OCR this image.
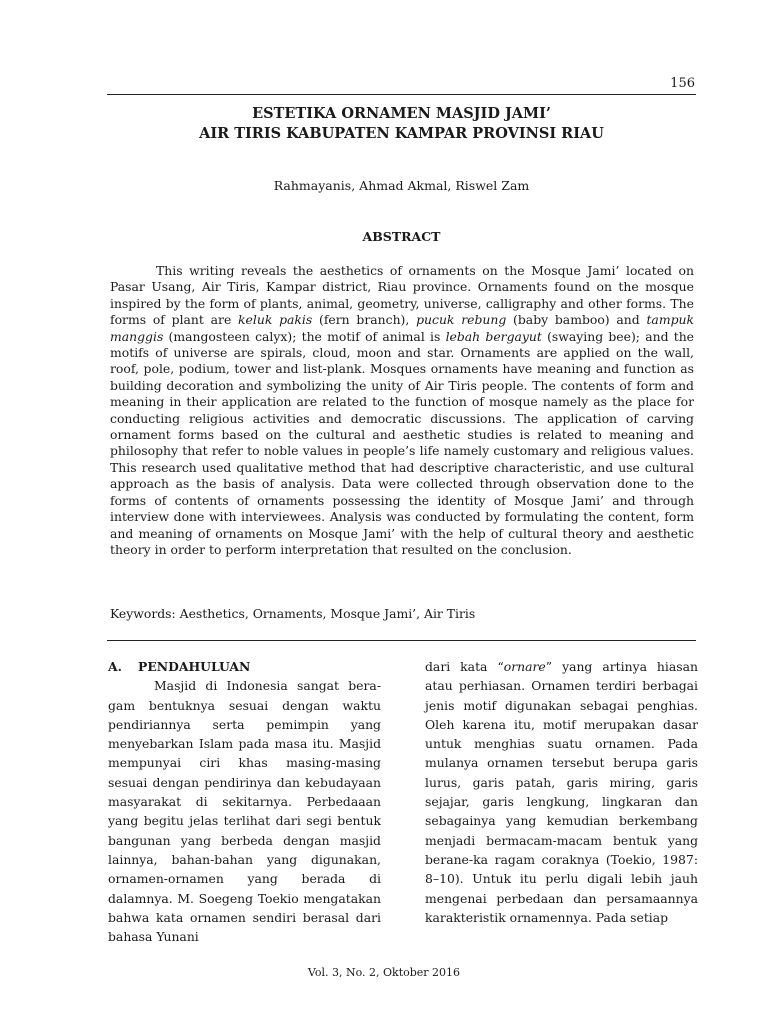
156
ESTETIKA ORNAMEN MASJID JAMI’
AIR TIRIS KABUPATEN KAMPAR PROVINSI RIAU
Rahmayanis, Ahmad Akmal, Riswel Zam
ABSTRACT

This writing reveals the aesthetics of ornaments on the Mosque Jami’ located on Pasar Usang, Air Tiris, Kampar district, Riau province. Ornaments found on the mosque inspired by the form of plants, animal, geometry, universe, calligraphy and other forms. The forms of plant are keluk pakis (fern branch), pucuk rebung (baby bamboo) and tampuk manggis (mangosteen calyx); the motif of animal is lebah bergayut (swaying bee); and the motifs of universe are spirals, cloud, moon and star. Ornaments are applied on the wall, roof, pole, podium, tower and list-plank. Mosques ornaments have meaning and function as building decoration and symbolizing the unity of Air Tiris people. The contents of form and meaning in their application are related to the function of mosque namely as the place for conducting religious activities and democratic discussions. The application of carving ornament forms based on the cultural and aesthetic studies is related to meaning and philosophy that refer to noble values in people’s life namely customary and religious values. This research used qualitative method that had descriptive characteristic, and use cultural approach as the basis of analysis. Data were collected through observation done to the forms of contents of ornaments possessing the identity of Mosque Jami’ and through interview done with interviewees. Analysis was conducted by formulating the content, form and meaning of ornaments on Mosque Jami’ with the help of cultural theory and aesthetic theory in order to perform interpretation that resulted on the conclusion.

Keywords: Aesthetics, Ornaments, Mosque Jami’, Air Tiris

A. PENDAHULUAN

Masjid di Indonesia sangat beragam bentuknya sesuai dengan waktu pendiriannya serta pemimpin yang menyebarkan Islam pada masa itu. Masjid mempunyai ciri khas masing-masing sesuai dengan pendirinya dan kebudayaan masyarakat di sekitarnya. Perbedaaan yang begitu jelas terlihat dari segi bentuk bangunan yang berbeda dengan masjid lainnya, bahan-bahan yang digunakan, ornamen-ornamen yang berada di dalamnya. M. Soegeng Toekio mengatakan bahwa kata ornamen sendiri berasal dari bahasa Yunani

dari kata “ornare” yang artinya hiasan atau perhiasan. Ornamen terdiri berbagai jenis motif digunakan sebagai penghias. Oleh karena itu, motif merupakan dasar untuk menghias suatu ornamen. Pada mulanya ornamen tersebut berupa garis lurus, garis patah, garis miring, garis sejajar, garis lengkung, lingkaran dan sebagainya yang kemudian berkembang menjadi bermacam-macam bentuk yang berane-ka ragam coraknya (Toekio, 1987: 8–10). Untuk itu perlu digali lebih jauh mengenai perbedaan dan persamaannya karakteristik ornamennya. Pada setiap

Vol. 3, No. 2, Oktober 2016
